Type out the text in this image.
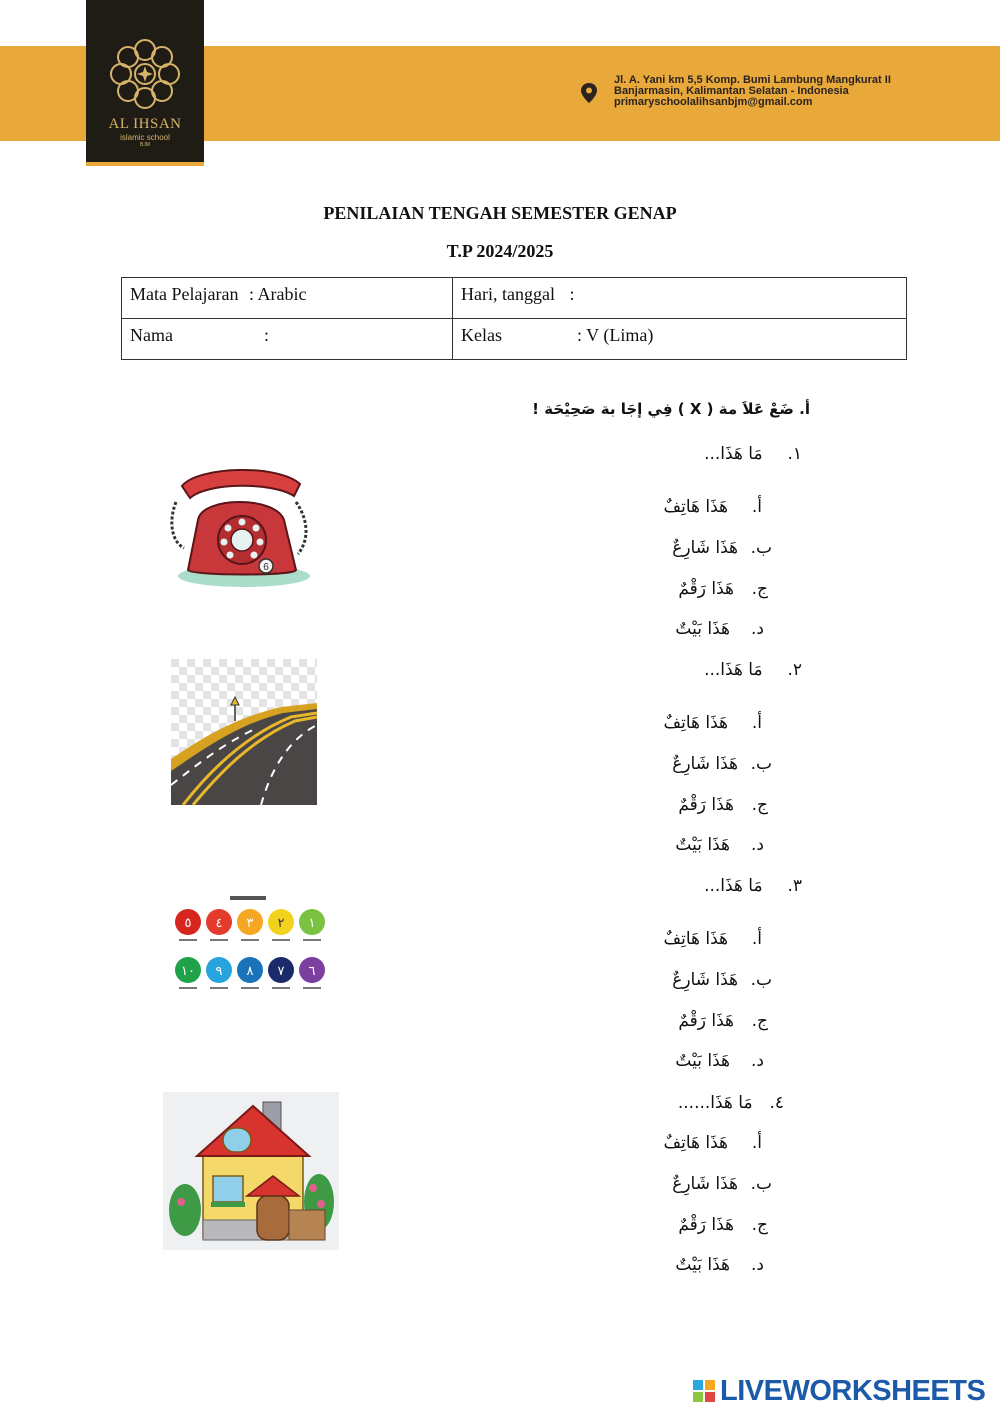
AL IHSAN
islamic school
BJM
Jl. A. Yani km 5,5 Komp. Bumi Lambung Mangkurat II
Banjarmasin, Kalimantan Selatan - Indonesia
primaryschoolalihsanbjm@gmail.com
PENILAIAN TENGAH SEMESTER GENAP
T.P 2024/2025
Mata Pelajaran : Arabic	Hari, tanggal :
Nama :	Kelas : V (Lima)
أ. ضَعْ عَلاَ مة ( X ) فِي إجَا بة صَحِيْحَة !
١. مَا هَذَا...
أ.هَذَا هَاتِفٌ
ب.هَذَا شَارِعٌ
ج.هَذَا رَقْمٌ
د.هَذَا بَيْتٌ
٢. مَا هَذَا...
أ.هَذَا هَاتِفٌ
ب.هَذَا شَارِعٌ
ج.هَذَا رَقْمٌ
د.هَذَا بَيْتٌ
٣. مَا هَذَا...
أ.هَذَا هَاتِفٌ
ب.هَذَا شَارِعٌ
ج.هَذَا رَقْمٌ
د.هَذَا بَيْتٌ
٤. مَا هَذَا......
أ.هَذَا هَاتِفٌ
ب.هَذَا شَارِعٌ
ج.هَذَا رَقْمٌ
د.هَذَا بَيْتٌ
6
١
٢
٣
٤
٥
٦
٧
٨
٩
١٠
LIVEWORKSHEETS
